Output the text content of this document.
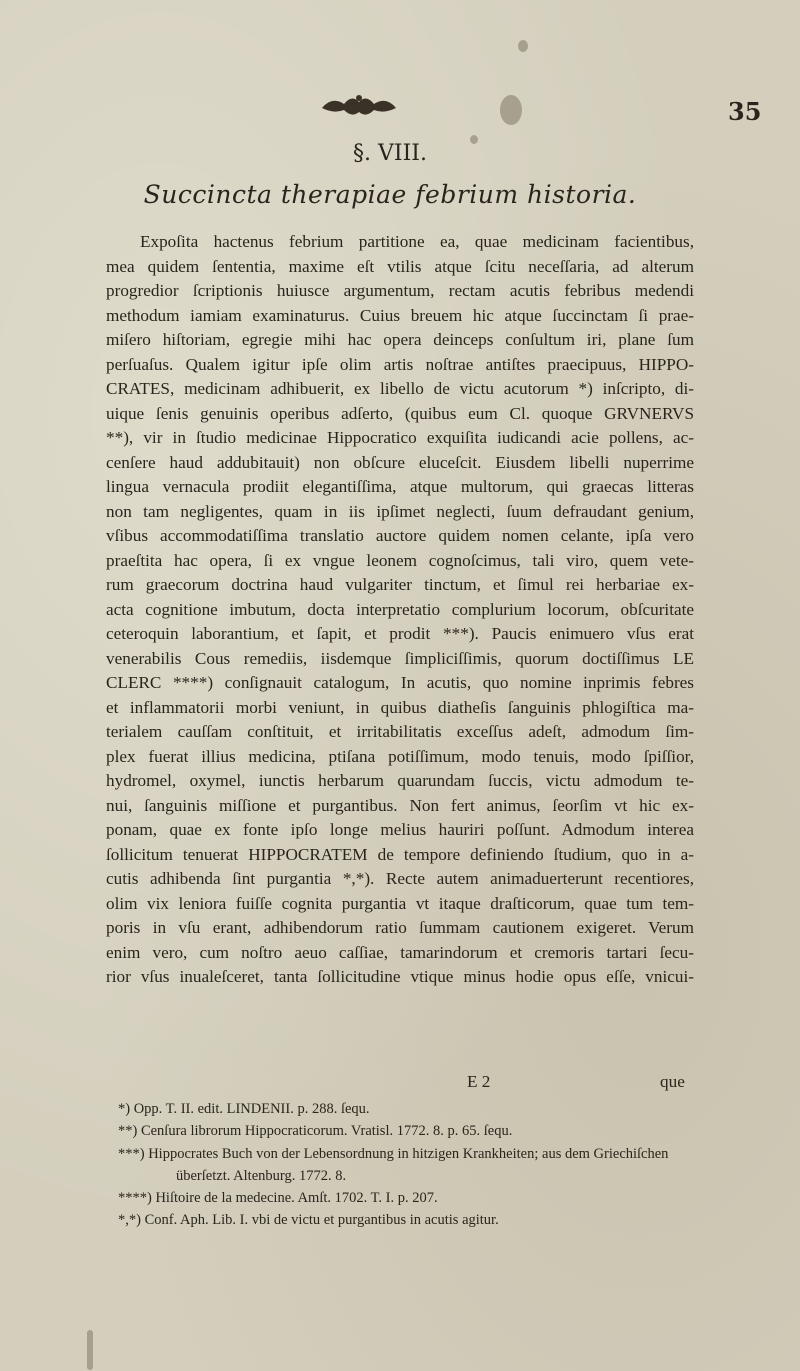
35
§. VIII.
Succincta therapiae febrium historia.
Expoſita hactenus febrium partitione ea, quae medicinam facientibus,
mea quidem ſententia, maxime eſt vtilis atque ſcitu neceſſaria, ad alterum
progredior ſcriptionis huiusce argumentum, rectam acutis febribus medendi
methodum iamiam examinaturus. Cuius breuem hic atque ſuccinctam ſi prae-
miſero hiſtoriam, egregie mihi hac opera deinceps conſultum iri, plane ſum
perſuaſus. Qualem igitur ipſe olim artis noſtrae antiſtes praecipuus, HIPPO-
CRATES, medicinam adhibuerit, ex libello de victu acutorum *) inſcripto, di-
uique ſenis genuinis operibus adſerto, (quibus eum Cl. quoque GRVNERVS
**), vir in ſtudio medicinae Hippocratico exquiſita iudicandi acie pollens, ac-
cenſere haud addubitauit) non obſcure eluceſcit. Eiusdem libelli nuperrime
lingua vernacula prodiit elegantiſſima, atque multorum, qui graecas litteras
non tam negligentes, quam in iis ipſimet neglecti, ſuum defraudant genium,
vſibus accommodatiſſima translatio auctore quidem nomen celante, ipſa vero
praeſtita hac opera, ſi ex vngue leonem cognoſcimus, tali viro, quem vete-
rum graecorum doctrina haud vulgariter tinctum, et ſimul rei herbariae ex-
acta cognitione imbutum, docta interpretatio complurium locorum, obſcuritate
ceteroquin laborantium, et ſapit, et prodit ***). Paucis enimuero vſus erat
venerabilis Cous remediis, iisdemque ſimpliciſſimis, quorum doctiſſimus LE
CLERC ****) conſignauit catalogum, In acutis, quo nomine inprimis febres
et inflammatorii morbi veniunt, in quibus diatheſis ſanguinis phlogiſtica ma-
terialem cauſſam conſtituit, et irritabilitatis exceſſus adeſt, admodum ſim-
plex fuerat illius medicina, ptiſana potiſſimum, modo tenuis, modo ſpiſſior,
hydromel, oxymel, iunctis herbarum quarundam ſuccis, victu admodum te-
nui, ſanguinis miſſione et purgantibus. Non fert animus, ſeorſim vt hic ex-
ponam, quae ex fonte ipſo longe melius hauriri poſſunt. Admodum interea
ſollicitum tenuerat HIPPOCRATEM de tempore definiendo ſtudium, quo in a-
cutis adhibenda ſint purgantia *,*). Recte autem animaduerterunt recentiores,
olim vix leniora fuiſſe cognita purgantia vt itaque draſticorum, quae tum tem-
poris in vſu erant, adhibendorum ratio ſummam cautionem exigeret. Verum
enim vero, cum noſtro aeuo caſſiae, tamarindorum et cremoris tartari ſecu-
rior vſus inualeſceret, tanta ſollicitudine vtique minus hodie opus eſſe, vnicui-
E 2	que
*) Opp. T. II. edit. LINDENII. p. 288. ſequ.
**) Cenſura librorum Hippocraticorum. Vratisl. 1772. 8. p. 65. ſequ.
***) Hippocrates Buch von der Lebensordnung in hitzigen Krankheiten; aus dem Griechiſchen
überſetzt. Altenburg. 1772. 8.
****) Hiſtoire de la medecine. Amſt. 1702. T. I. p. 207.
*,*) Conf. Aph. Lib. I. vbi de victu et purgantibus in acutis agitur.
